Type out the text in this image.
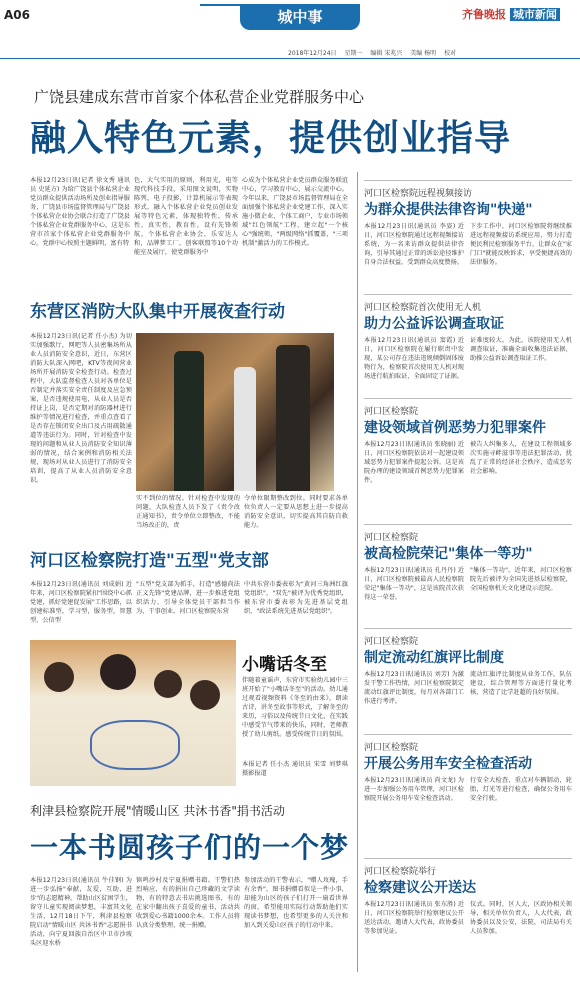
A06	城中事	齐鲁晚报 城市新闻
2018年12月24日 星期一 编辑 宋兆兴 美编 杨明 校对
广饶县建成东营市首家个体私营企业党群服务中心
融入特色元素，提供创业指导
本报12月23日讯(记者 徐文秀 通讯员 史延方) 为给广饶县个体私营企业党员群众提供活动场所及创业指导服务，广饶县市场监督管理局与广饶县个体私营企业协会联合打造了广饶县个体私营企业党群服务中心，这是东营市首家个体私营企业党群服务中心。党群中心按照主题鲜明，富有特
色，大气实用的原则，利用光，电等现代科技手段，采用图文说明，实物陈列，电子投影，计算机展示等表现形式，融入个体私营企业党员创业发展等特色元素，体现独特性，传承性，真实性，教育性，设有先锋领航，个体私营企业协会，乐安达人和，品牌梦工厂，创客联盟等10个功能室及展厅，使党群服务中
心成为个体私营企业党员群众服务联谊中心，学习教育中心，展示交流中心。今年以来，广饶县市场监督管理局在全面加强个体私营企业党建工作，深入实施小微企业，个体工商户，专业市场领域"红色领航"工程，建立起"一个核心"强统领，"两级网络"抓覆盖，"三项机制"激活力的工作模式。
东营区消防大队集中开展夜查行动
本报12月23日讯(记者 任小杰) 为切实加强歌厅，网吧等人员密集场所从业人员消防安全意识，近日，东营区消防大队深入网吧，KTV等夜间营业场所开展消防安全检查行动。检查过程中，大队监督检查人员对各单位是否制定并落实安全责任制度及应急预案，是否违规使用电，从业人员是否持证上岗，是否定期对消防器材进行维护等情况进行检查，并重点查看了是否存在锁闭安全出口及占用疏散通道等违法行为。同时，针对检查中发现的问题和从业人员消防安全知识薄弱的情况，结合案例和消防相关法规，现场对从业人员进行了消防安全培训，提高了从业人员消防安全意识。
实不到位的情况。针对检查中发现的问题，大队检查人员下发了《责令改正通知书》，责令单位立即整改，不能当场改正的，责
令单位限期整改到位。同时要求各单位负责人一定要从思想上进一步提高消防安全意识，切实提高其自防自救能力。
河口区检察院打造"五型"党支部
本报12月23日讯(通讯员 刘成娟) 近年来，河口区检察院紧扣"围绕中心抓党建，抓好党建促发展"工作思路，以创建标准型，学习型，服务型，智慧型，公信型
"五型"党支部为抓手，打造"感德尚法 正义先锋"党建品牌，进一步推进党组织活力，引导全体党员干部担当作为，干事创业。河口区检察院东营
中共东营市委表彰为"黄河三角洲红旗党组织"，"双先"被评为优秀党组织，被东营市委表彰为先进基层党组织，"政法系统先进基层党组织"。
小嘴话冬至
伴随着童谣声，东营市实验幼儿园中三班开始了"小嘴话冬至"的活动。幼儿通过观看视频资料《冬至的由来》，朗读古诗，讲冬至故事等形式，了解冬至的来历，习俗以及传统节日文化，在实践中感受节气带来的快乐，同时，老师教授了幼儿剪纸。感受传统节日的氛围。
本报记者 任小杰 通讯员 宋雪 刘梦琪 摄影报道
利津县检察院开展"情暖山区 共沐书香"捐书活动
一本书圆孩子们的一个梦
本报12月23日讯(通讯员 牛佳钢) 为进一步弘扬"奉献，友爱，互助，进步"的志愿精神，帮助山区贫困学生，留守儿童实现阅读梦想，丰富其文化生活，12月18日下午，利津县检察院启动"情暖山区 共沐书香"志愿捐书活动，向宁夏回族自治区中卫市沙坡头区迎水桥
镇鸣沙村及宁夏捐赠书籍。干警们热烈响应，有的捐出自己珍藏的文学读物，有的特意去书店挑选图书，有的在家中翻出孩子喜爱的童书，活动共收到爱心书籍1000余本。工作人员将认真分类整理，统一捐赠。
参加活动的干警表示，"赠人玫瑰，手有余香"，图书捐赠看似是一件小事，却能为山区的孩子们打开一扇看世界的窗，希望能用实际行动帮助他们实现读书梦想，也希望更多的人关注和加入到关爱山区孩子的行动中来。
河口区检察院远程视频接访
为群众提供法律咨询"快递"
本报12月23日讯(通讯员 李姿) 近日，河口区检察院通过远程视频接访系统，为一名来访群众提供法律咨询，引导其通过正常的诉讼途径维护自身合法权益。受到群众高度赞扬。
下步工作中，河口区检察院将继续推进远程视频接访系统应用，努力打造便民利民检察服务平台，让群众在"家门口"就能反映诉求，享受便捷高效的法律服务。
河口区检察院首次使用无人机
助力公益诉讼调查取证
本报12月23日讯(通讯员 窦霞) 近日，河口区检察院在履行职责中发现，某公司存在违法违规倾倒固体废物行为，检察院首次使用无人机对现场进行航拍取证，全面固定了证据。
证难度较大。为此，该院使用无人机调查取证，准确全面收集违法证据，助推公益诉讼调查取证工作。
河口区检察院
建设领域首例恶势力犯罪案件
本报12月23日讯(通讯员 张晓丽) 近日，河口区检察院依法对一起建设领域恶势力犯罪案件提起公诉，这是该院办理的建设领域首例恶势力犯罪案件。
被告人纠集多人，在建设工程领域多次实施寻衅滋事等违法犯罪活动，扰乱了正常的经济社会秩序，造成恶劣社会影响。
河口区检察院
被高检院荣记"集体一等功"
本报12月23日讯(通讯员 孔丹丹) 近日，河口区检察院被最高人民检察院荣记"集体一等功"，这是该院首次获得这一荣誉。
"集体一等功"。近年来，河口区检察院先后被评为全国先进基层检察院，全国检察机关文化建设示范院。
河口区检察院
制定流动红旗评比制度
本报12月23日讯(通讯员 刘芳) 为激发干警工作热情，河口区检察院制定流动红旗评比制度，每月对各部门工作进行考评。
流动红旗评比制度从业务工作，队伍建设，综合管理等方面进行量化考核，营造了比学赶超的良好氛围。
河口区检察院
开展公务用车安全检查活动
本报12月23日讯(通讯员 尚文龙) 为进一步加强公务用车管理，河口区检察院开展公务用车安全检查活动。
行安全大检查，重点对车辆制动，轮胎，灯光等进行检查，确保公务用车安全行驶。
河口区检察院举行
检察建议公开送达
本报12月23日讯(通讯员 张东胜) 近日，河口区检察院举行检察建议公开送达活动，邀请人大代表，政协委员等参加见证。
仪式。同时，区人大，区政协相关领导，相关单位负责人，人大代表，政协委员以及公安，法院，司法局有关人员参加。
